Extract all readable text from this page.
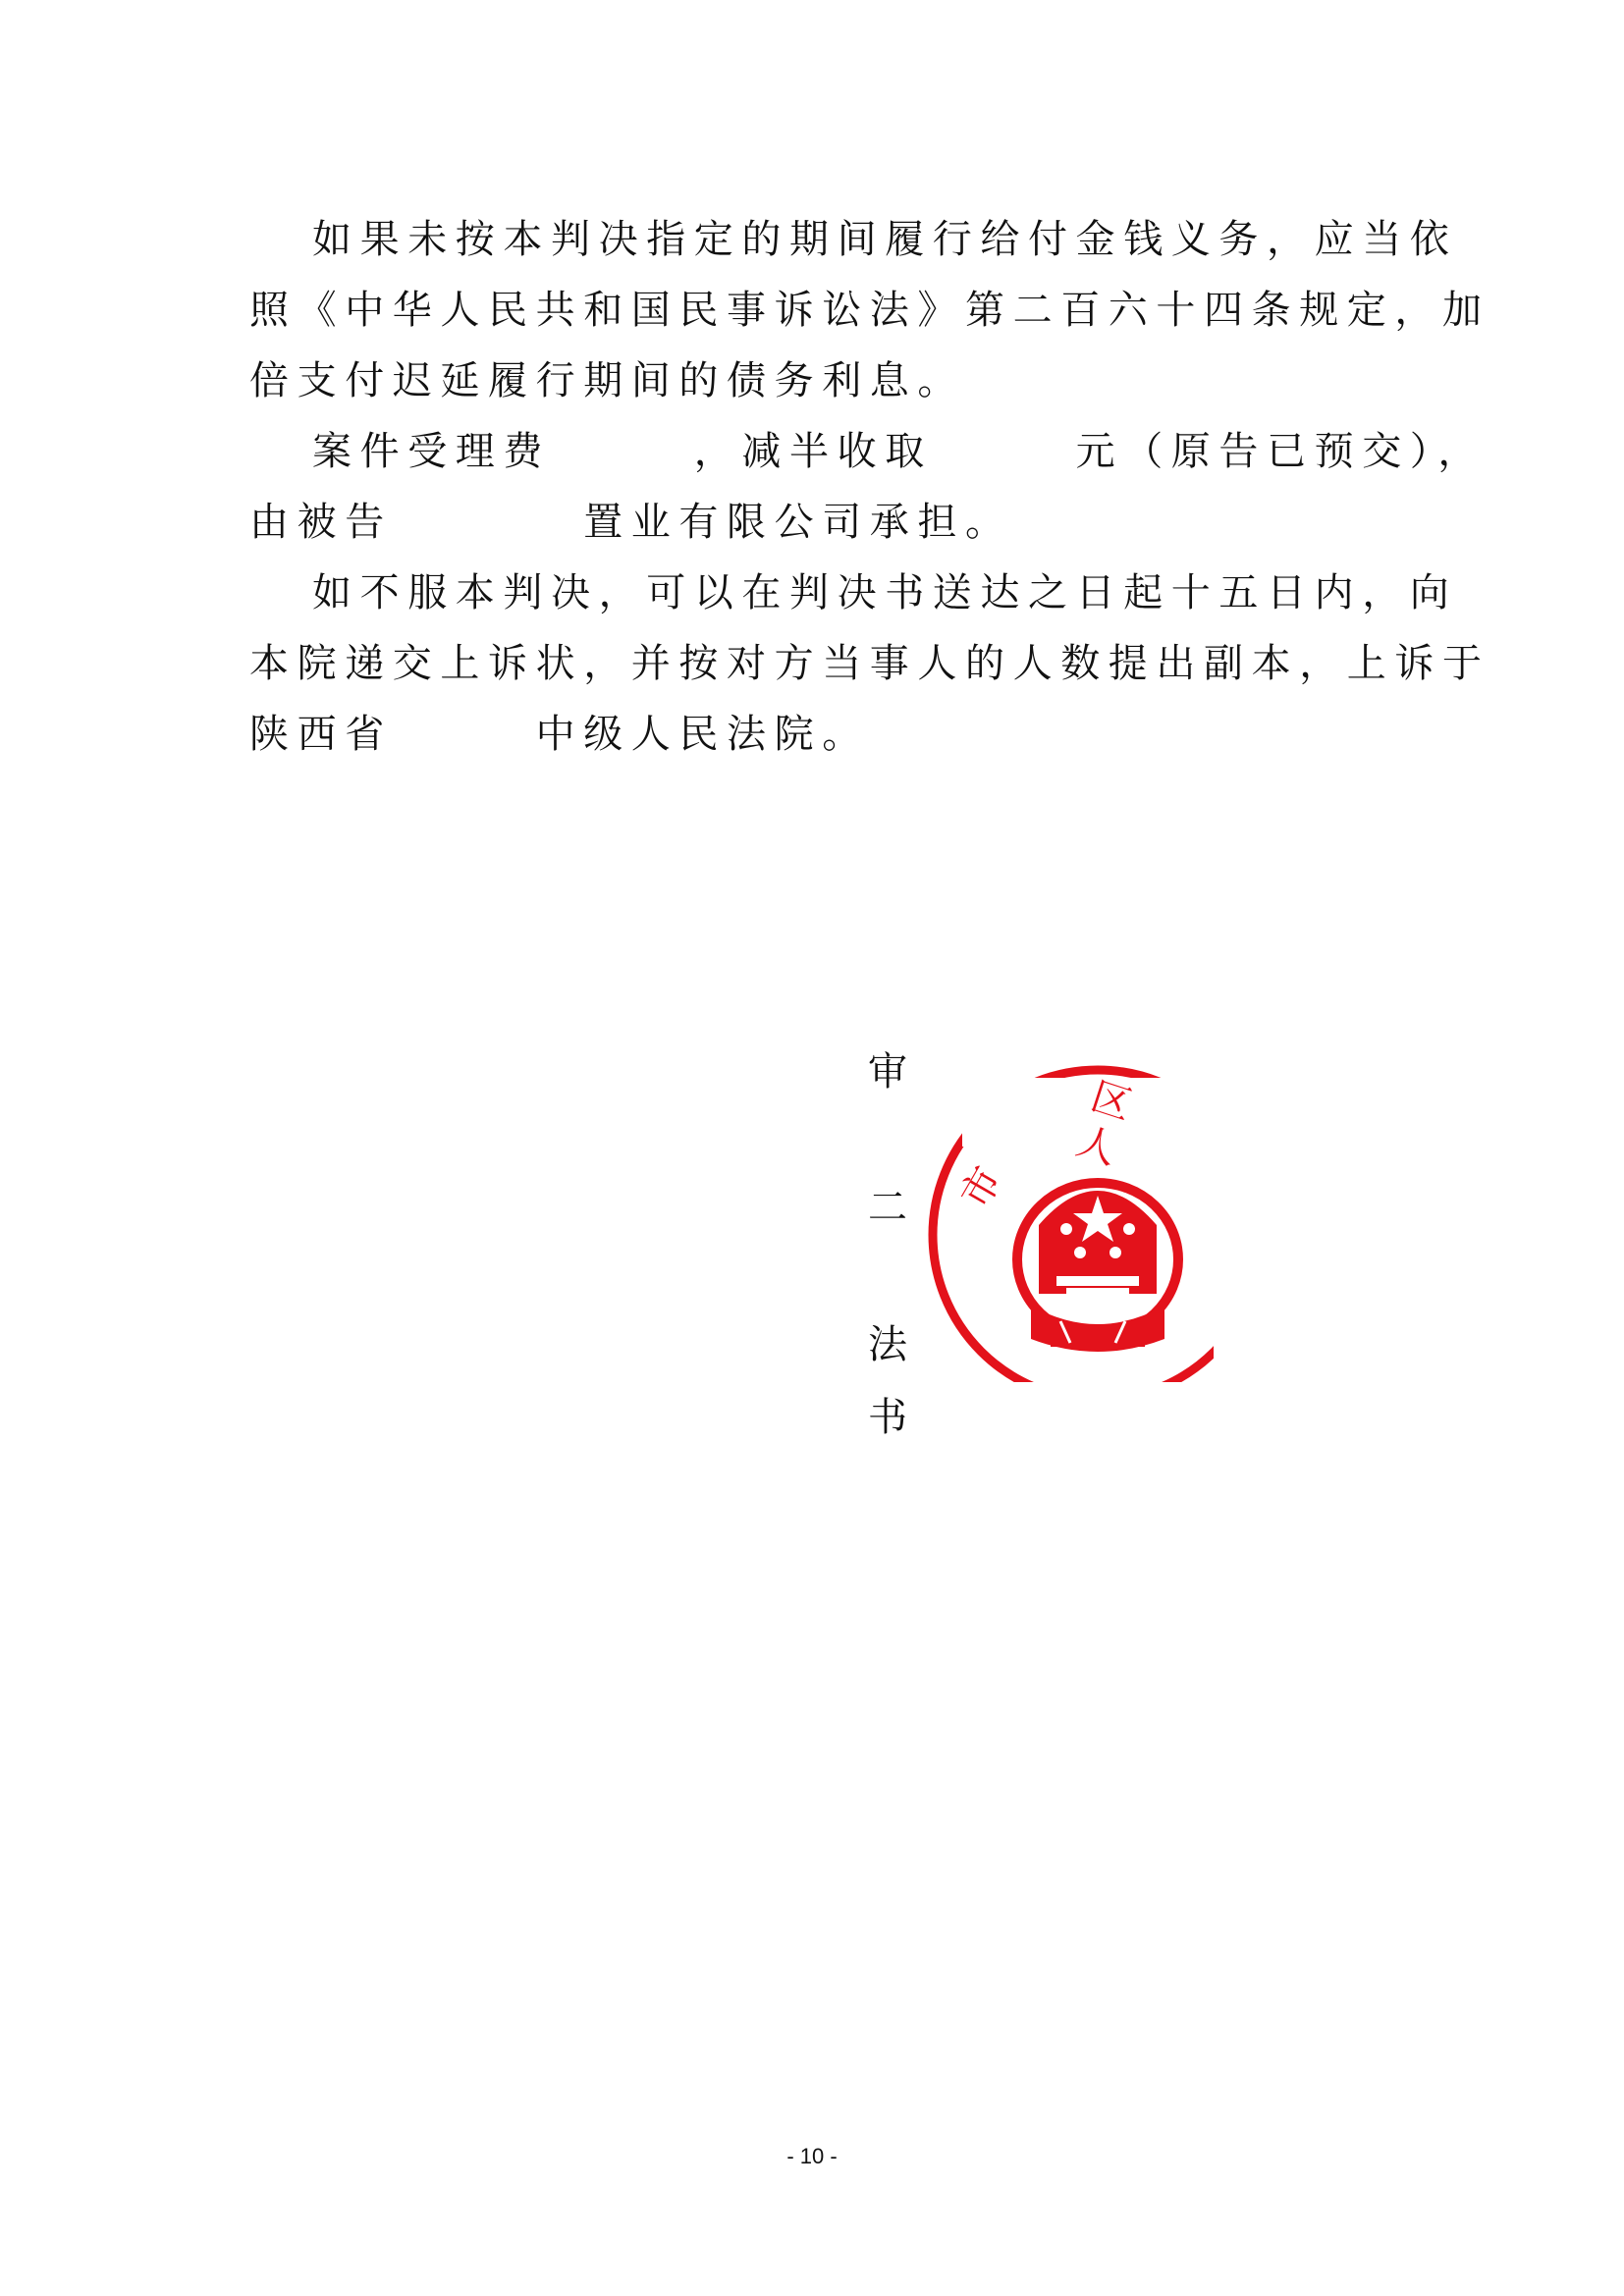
如果未按本判决指定的期间履行给付金钱义务，应当依
照《中华人民共和国民事诉讼法》第二百六十四条规定，加
倍支付迟延履行期间的债务利息。
案件受理费　　　，减半收取　　　元（原告已预交），
由被告　　　　置业有限公司承担。
如不服本判决，可以在判决书送达之日起十五日内，向
本院递交上诉状，并按对方当事人的人数提出副本，上诉于
陕西省　　　中级人民法院。
审
二
法
书
市
区 人
- 10 -
